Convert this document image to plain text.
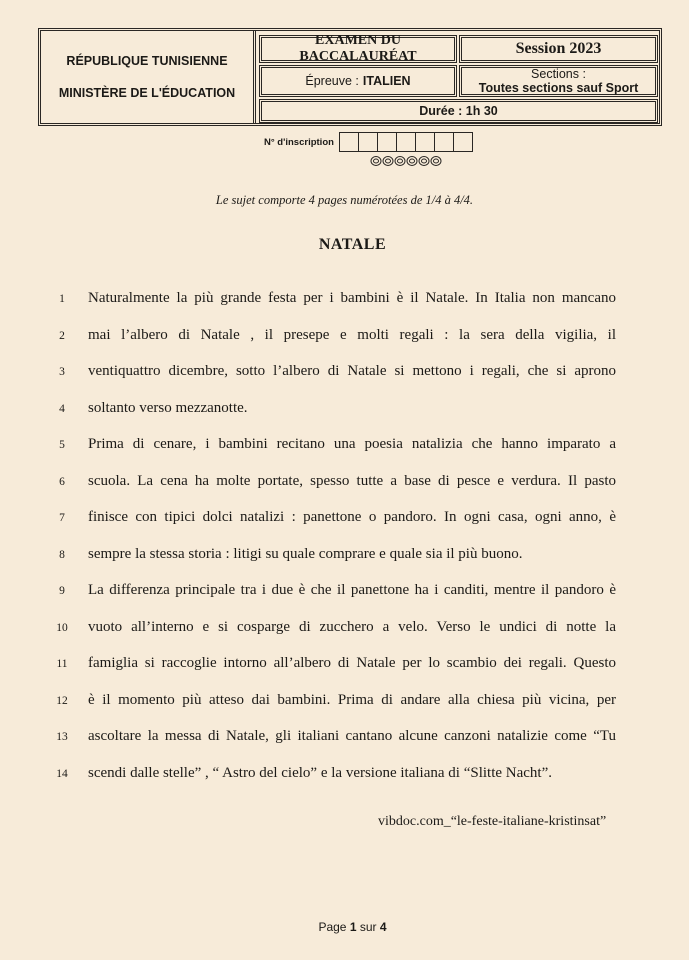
RÉPUBLIQUE TUNISIENNE
MINISTÈRE DE L'ÉDUCATION
EXAMEN DU BACCALAURÉAT	Session 2023
Épreuve : ITALIEN	Sections :
Toutes sections sauf Sport
Durée :
1h 30
N° d'inscription
Le sujet comporte 4 pages numérotées de 1/4 à 4/4.
NATALE
1	Naturalmente la più grande festa per i bambini è il Natale. In Italia non mancano
2	mai l’albero di Natale , il presepe e molti regali : la sera della vigilia, il
3	ventiquattro dicembre, sotto l’albero di Natale si mettono i regali, che si aprono
4	soltanto verso mezzanotte.
5	Prima di cenare, i bambini recitano una poesia natalizia che hanno imparato a
6	scuola. La cena ha molte portate, spesso tutte a base di pesce e verdura. Il pasto
7	finisce con tipici dolci natalizi : panettone o pandoro. In ogni casa, ogni anno, è
8	sempre la stessa storia : litigi su quale comprare e quale sia il più buono.
9	La differenza principale tra i due è che il panettone ha i canditi, mentre il pandoro è
10	vuoto all’interno e si cosparge di zucchero a velo. Verso le undici di notte la
11	famiglia si raccoglie intorno all’albero di Natale per lo scambio dei regali. Questo
12	è il momento più atteso dai bambini. Prima di andare alla chiesa più vicina, per
13	ascoltare la messa di Natale, gli italiani cantano alcune canzoni natalizie come “Tu
14	scendi dalle stelle” , “ Astro del cielo” e la versione italiana di “Slitte Nacht”.
vibdoc.com_“le-feste-italiane-kristinsat”
Page 1 sur 4
